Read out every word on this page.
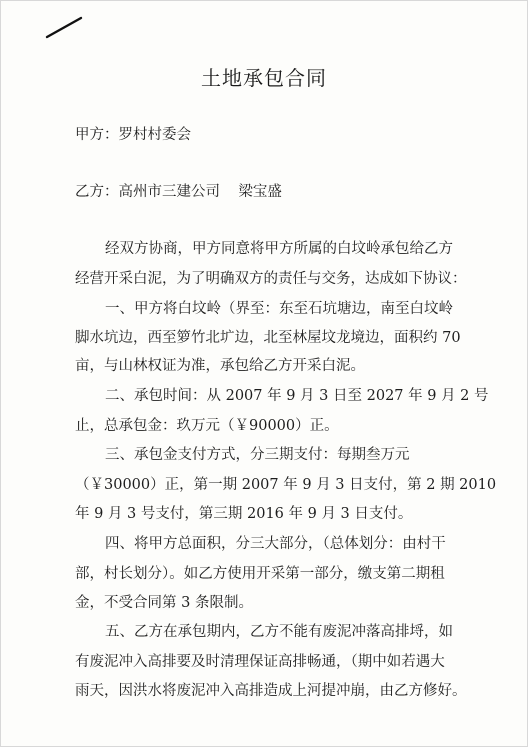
土地承包合同
甲方：罗村村委会
乙方：高州市三建公司    梁宝盛
经双方协商，甲方同意将甲方所属的白坟岭承包给乙方
经营开采白泥，为了明确双方的责任与交务，达成如下协议：
一、甲方将白坟岭（界至：东至石坑塘边，南至白坟岭
脚水坑边，西至箩竹北圹边，北至林屋坟龙境边，面积约 70
亩，与山林权证为准，承包给乙方开采白泥。
二、承包时间：从 2007 年 9 月 3 日至 2027 年 9 月 2 号
止，总承包金：玖万元（￥90000）正。
三、承包金支付方式，分三期支付：每期叁万元
（￥30000）正，第一期 2007 年 9 月 3 日支付，第 2 期 2010
年 9 月 3 号支付，第三期 2016 年 9 月 3 日支付。
四、将甲方总面积，分三大部分，（总体划分：由村干
部，村长划分）。如乙方使用开采第一部分，缴支第二期租
金，不受合同第 3 条限制。
五、乙方在承包期内，乙方不能有废泥冲落高排埒，如
有废泥冲入高排要及时清理保证高排畅通，（期中如若遇大
雨天，因洪水将废泥冲入高排造成上河提冲崩，由乙方修好。
